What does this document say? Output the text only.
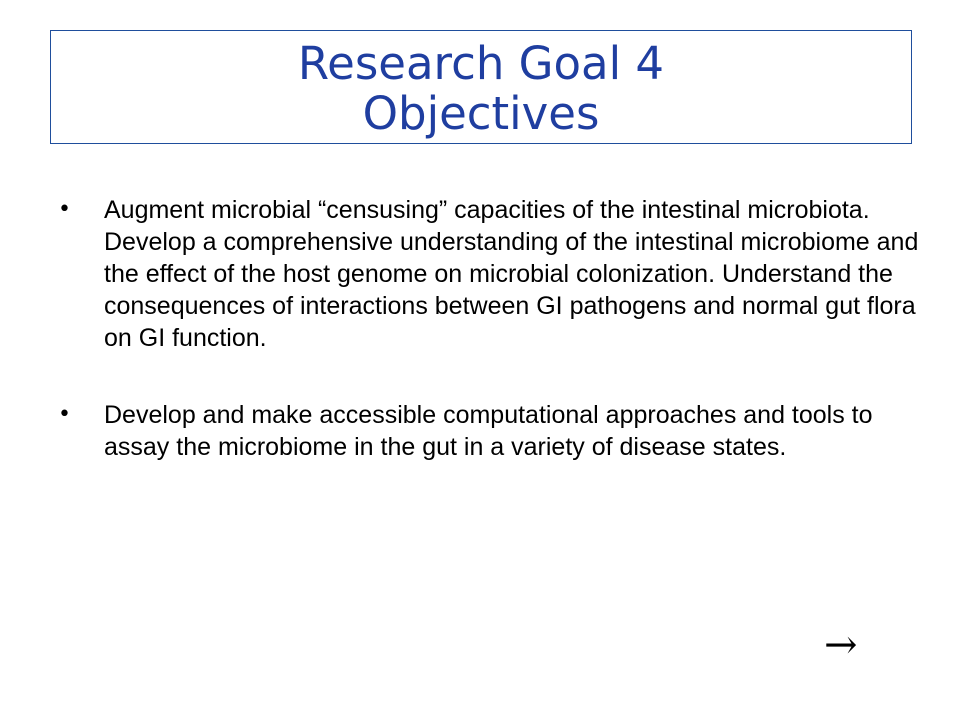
Research Goal 4
Objectives
• Augment microbial “censusing” capacities of the intestinal microbiota. Develop a comprehensive understanding of the intestinal microbiome and the effect of the host genome on microbial colonization. Understand the consequences of interactions between GI pathogens and normal gut flora on GI function.
• Develop and make accessible computational approaches and tools to assay the microbiome in the gut in a variety of disease states.
→
